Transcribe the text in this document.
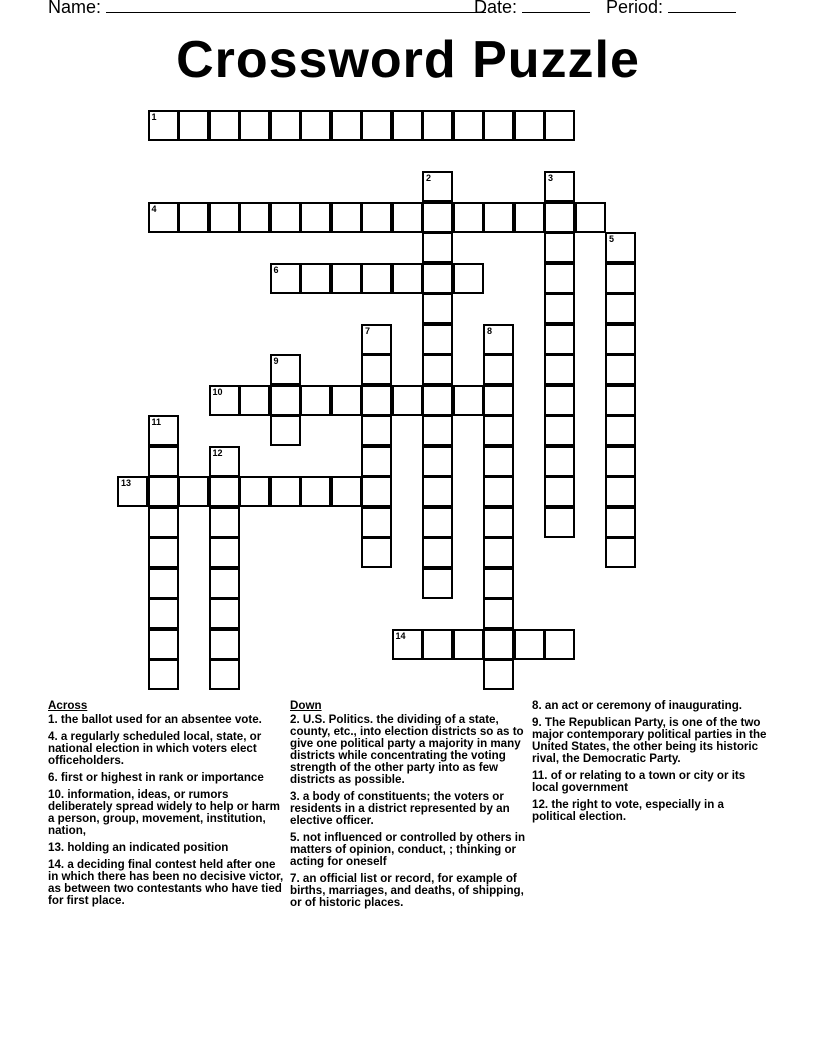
Name:	Date:	Period:
Crossword Puzzle
1
2	3
4
5
6
7	8
9
10
11
12
13
14
Across
1. the ballot used for an absentee vote.
4. a regularly scheduled local, state, or national election in which voters elect officeholders.
6. first or highest in rank or importance
10. information, ideas, or rumors deliberately spread widely to help or harm a person, group, movement, institution, nation,
13. holding an indicated position
14. a deciding final contest held after one in which there has been no decisive victor, as between two contestants who have tied for first place.
Down
2. U.S. Politics. the dividing of a state, county, etc., into election districts so as to give one political party a majority in many districts while concentrating the voting strength of the other party into as few districts as possible.
3. a body of constituents; the voters or residents in a district represented by an elective officer.
5. not influenced or controlled by others in matters of opinion, conduct, ; thinking or acting for oneself
7. an official list or record, for example of births, marriages, and deaths, of shipping, or of historic places.
8. an act or ceremony of inaugurating.
9. The Republican Party, is one of the two major contemporary political parties in the United States, the other being its historic rival, the Democratic Party.
11. of or relating to a town or city or its local government
12. the right to vote, especially in a political election.
